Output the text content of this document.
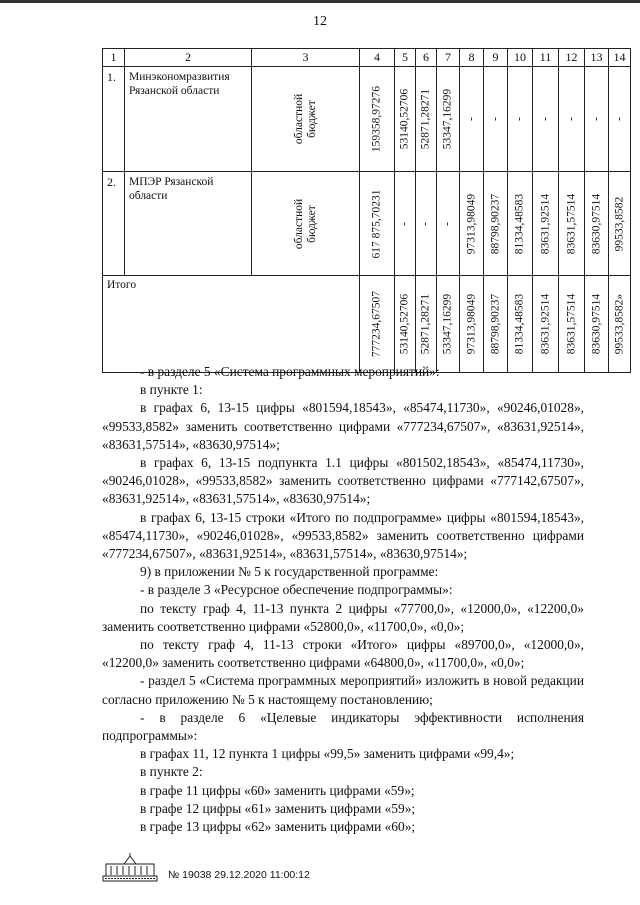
12
1	2	3	4	5	6	7	8	9	10	11	12	13	14
1.	Минэкономразвития Рязанской области	областной бюджет	159358,97276	53140,52706	52871,28271	53347,16299	-	-	-	-	-	-	-

2.	МПЭР Рязанской области	областной бюджет	617 875,70231	-	-	-	97313,98049	88798,90237	81334,48583	83631,92514	83631,57514	83630,97514	99533,8582

Итого			777234,67507	53140,52706	52871,28271	53347,16299	97313,98049	88798,90237	81334,48583	83631,92514	83631,57514	83630,97514	99533,8582»

- в разделе 5 «Система программных мероприятий»:

в пункте 1:

в графах 6, 13-15 цифры «801594,18543», «85474,11730», «90246,01028», «99533,8582» заменить соответственно цифрами «777234,67507», «83631,92514», «83631,57514», «83630,97514»;

в графах 6, 13-15 подпункта 1.1 цифры «801502,18543», «85474,11730», «90246,01028», «99533,8582» заменить соответственно цифрами «777142,67507», «83631,92514», «83631,57514», «83630,97514»;

в графах 6, 13-15 строки «Итого по подпрограмме» цифры «801594,18543», «85474,11730», «90246,01028», «99533,8582» заменить соответственно цифрами «777234,67507», «83631,92514», «83631,57514», «83630,97514»;

9) в приложении № 5 к государственной программе:

- в разделе 3 «Ресурсное обеспечение подпрограммы»:

по тексту граф 4, 11-13 пункта 2 цифры «77700,0», «12000,0», «12200,0» заменить соответственно цифрами «52800,0», «11700,0», «0,0»;

по тексту граф 4, 11-13 строки «Итого» цифры «89700,0», «12000,0», «12200,0» заменить соответственно цифрами «64800,0», «11700,0», «0,0»;

- раздел 5 «Система программных мероприятий» изложить в новой редакции согласно приложению № 5 к настоящему постановлению;

- в разделе 6 «Целевые индикаторы эффективности исполнения подпрограммы»:

в графах 11, 12 пункта 1 цифры «99,5» заменить цифрами «99,4»;

в пункте 2:

в графе 11 цифры «60» заменить цифрами «59»;

в графе 12 цифры «61» заменить цифрами «59»;

в графе 13 цифры «62» заменить цифрами «60»;

№ 19038 29.12.2020 11:00:12
